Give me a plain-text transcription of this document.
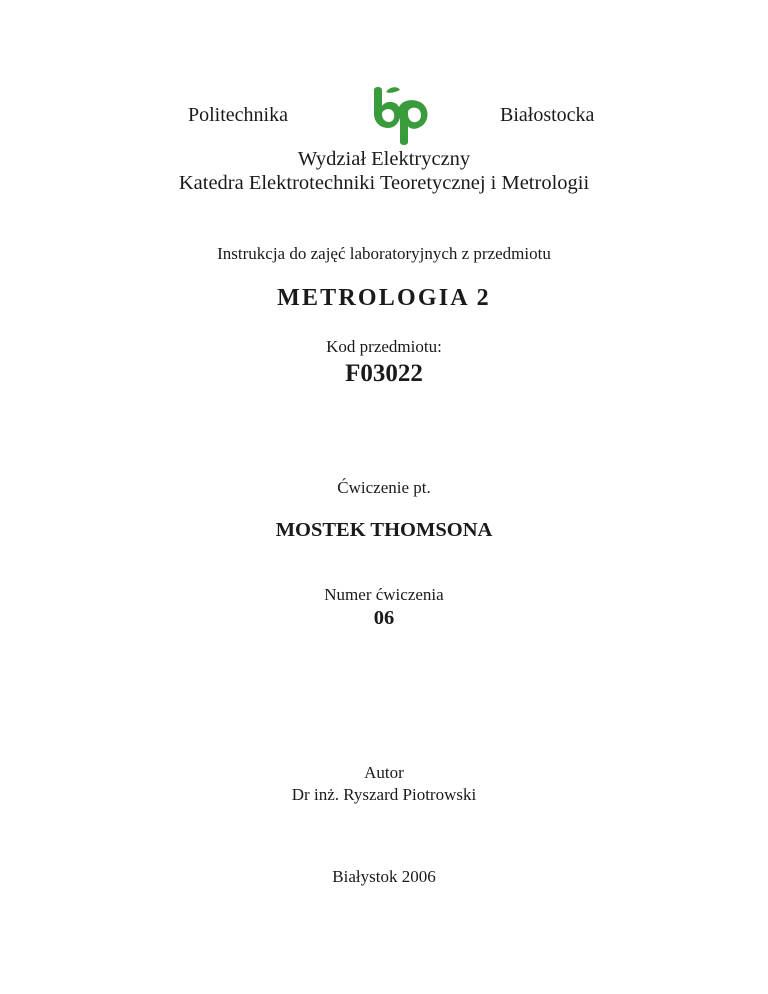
Politechnika	Białostocka
Wydział Elektryczny
Katedra Elektrotechniki Teoretycznej i Metrologii
Instrukcja do zajęć laboratoryjnych z przedmiotu
METROLOGIA 2
Kod przedmiotu:
F03022
Ćwiczenie pt.
MOSTEK THOMSONA
Numer ćwiczenia
06
Autor
Dr inż. Ryszard Piotrowski
Białystok 2006
